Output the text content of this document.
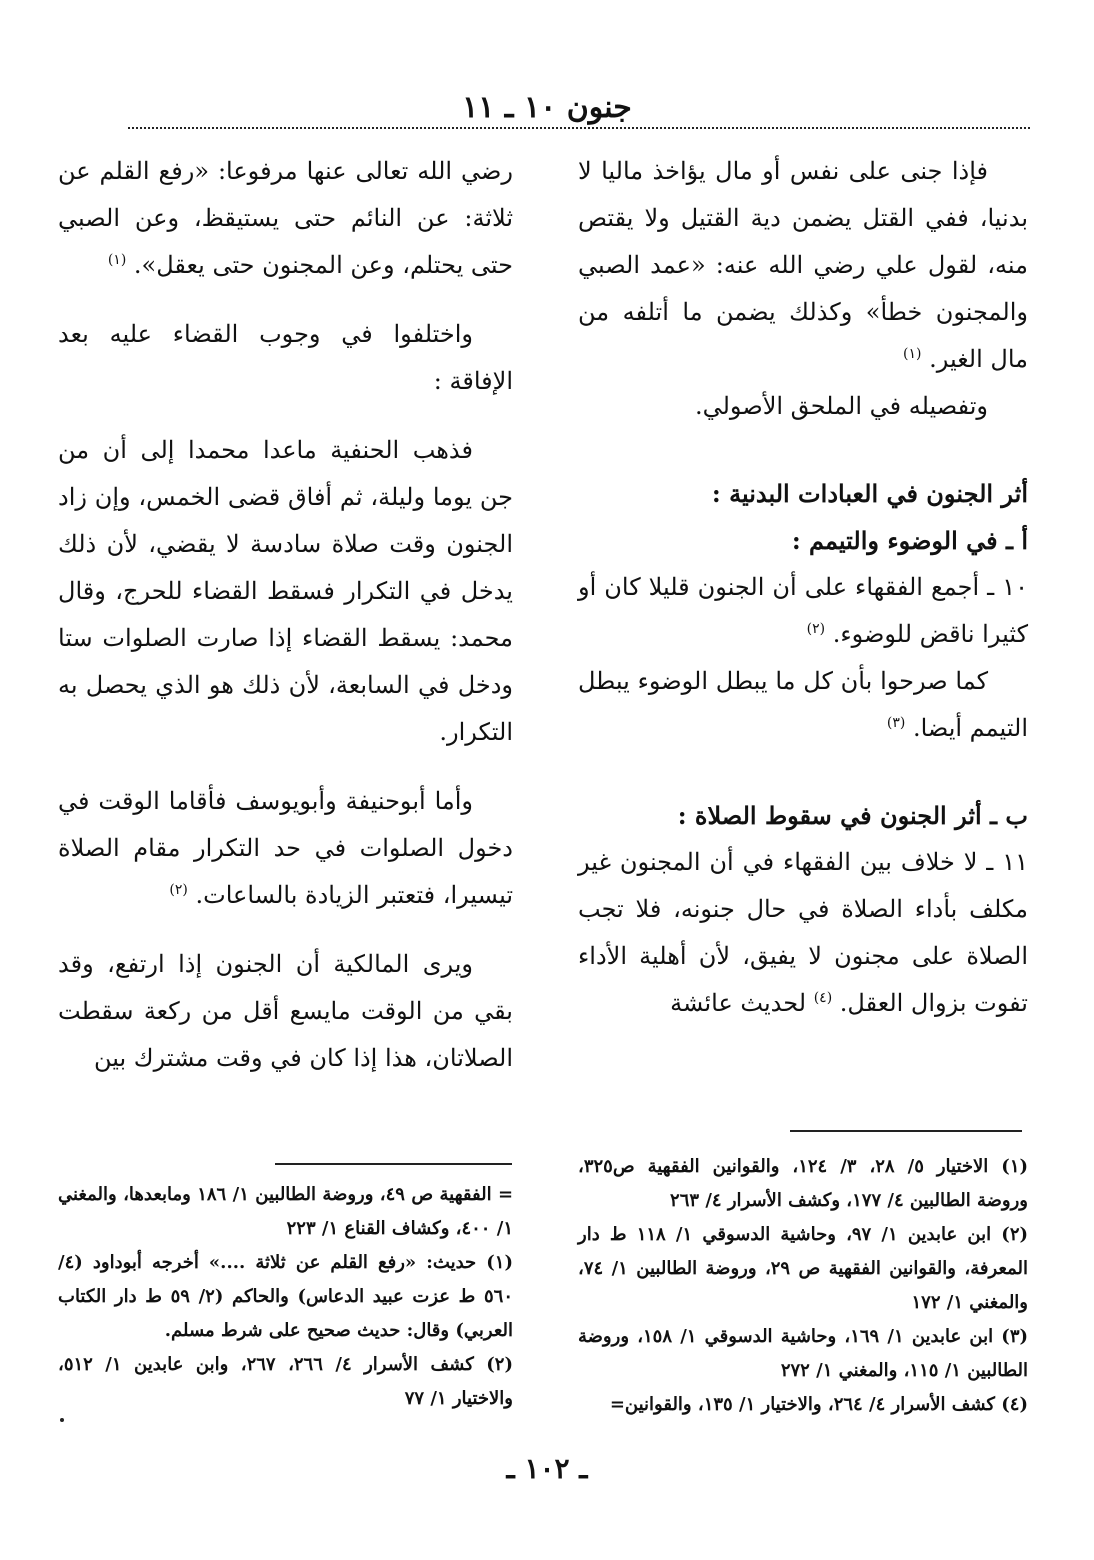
جنون ١٠ ـ ١١

فإذا جنى على نفس أو مال يؤاخذ ماليا لا بدنيا، ففي القتل يضمن دية القتيل ولا يقتص منه، لقول علي رضي الله عنه: «عمد الصبي والمجنون خطأ» وكذلك يضمن ما أتلفه من مال الغير. $^{(١)}$

وتفصيله في الملحق الأصولي.

أثر الجنون في العبادات البدنية :

أ ـ في الوضوء والتيمم :

١٠ ـ أجمع الفقهاء على أن الجنون قليلا كان أو كثيرا ناقض للوضوء. $^{(٢)}$

كما صرحوا بأن كل ما يبطل الوضوء يبطل التيمم أيضا. $^{(٣)}$

ب ـ أثر الجنون في سقوط الصلاة :

١١ ـ لا خلاف بين الفقهاء في أن المجنون غير مكلف بأداء الصلاة في حال جنونه، فلا تجب الصلاة على مجنون لا يفيق، لأن أهلية الأداء تفوت بزوال العقل. $^{(٤)}$ لحديث عائشة

رضي الله تعالى عنها مرفوعا: «رفع القلم عن ثلاثة: عن النائم حتى يستيقظ، وعن الصبي حتى يحتلم، وعن المجنون حتى يعقل». $^{(١)}$

واختلفوا في وجوب القضاء عليه بعد الإفاقة :

فذهب الحنفية ماعدا محمدا إلى أن من جن يوما وليلة، ثم أفاق قضى الخمس، وإن زاد الجنون وقت صلاة سادسة لا يقضي، لأن ذلك يدخل في التكرار فسقط القضاء للحرج، وقال محمد: يسقط القضاء إذا صارت الصلوات ستا ودخل في السابعة، لأن ذلك هو الذي يحصل به التكرار.

وأما أبوحنيفة وأبويوسف فأقاما الوقت في دخول الصلوات في حد التكرار مقام الصلاة تيسيرا، فتعتبر الزيادة بالساعات. $^{(٢)}$

ويرى المالكية أن الجنون إذا ارتفع، وقد بقي من الوقت مايسع أقل من ركعة سقطت الصلاتان، هذا إذا كان في وقت مشترك بين

(١) الاختيار ٥/ ٢٨، ٣/ ١٢٤، والقوانين الفقهية ص٣٢٥، وروضة الطالبين ٤/ ١٧٧، وكشف الأسرار ٤/ ٢٦٣

(٢) ابن عابدين ١/ ٩٧، وحاشية الدسوقي ١/ ١١٨ ط دار المعرفة، والقوانين الفقهية ص ٢٩، وروضة الطالبين ١/ ٧٤، والمغني ١/ ١٧٢

(٣) ابن عابدين ١/ ١٦٩، وحاشية الدسوقي ١/ ١٥٨، وروضة الطالبين ١/ ١١٥، والمغني ١/ ٢٧٢

(٤) كشف الأسرار ٤/ ٢٦٤، والاختيار ١/ ١٣٥، والقوانين=

= الفقهية ص ٤٩، وروضة الطالبين ١/ ١٨٦ ومابعدها، والمغني ١/ ٤٠٠، وكشاف القناع ١/ ٢٢٣

(١) حديث: «رفع القلم عن ثلاثة ....» أخرجه أبوداود (٤/ ٥٦٠ ط عزت عبيد الدعاس) والحاكم (٢/ ٥٩ ط دار الكتاب العربي) وقال: حديث صحيح على شرط مسلم.

(٢) كشف الأسرار ٤/ ٢٦٦، ٢٦٧، وابن عابدين ١/ ٥١٢، والاختيار ١/ ٧٧

ـ ١٠٢ ـ
